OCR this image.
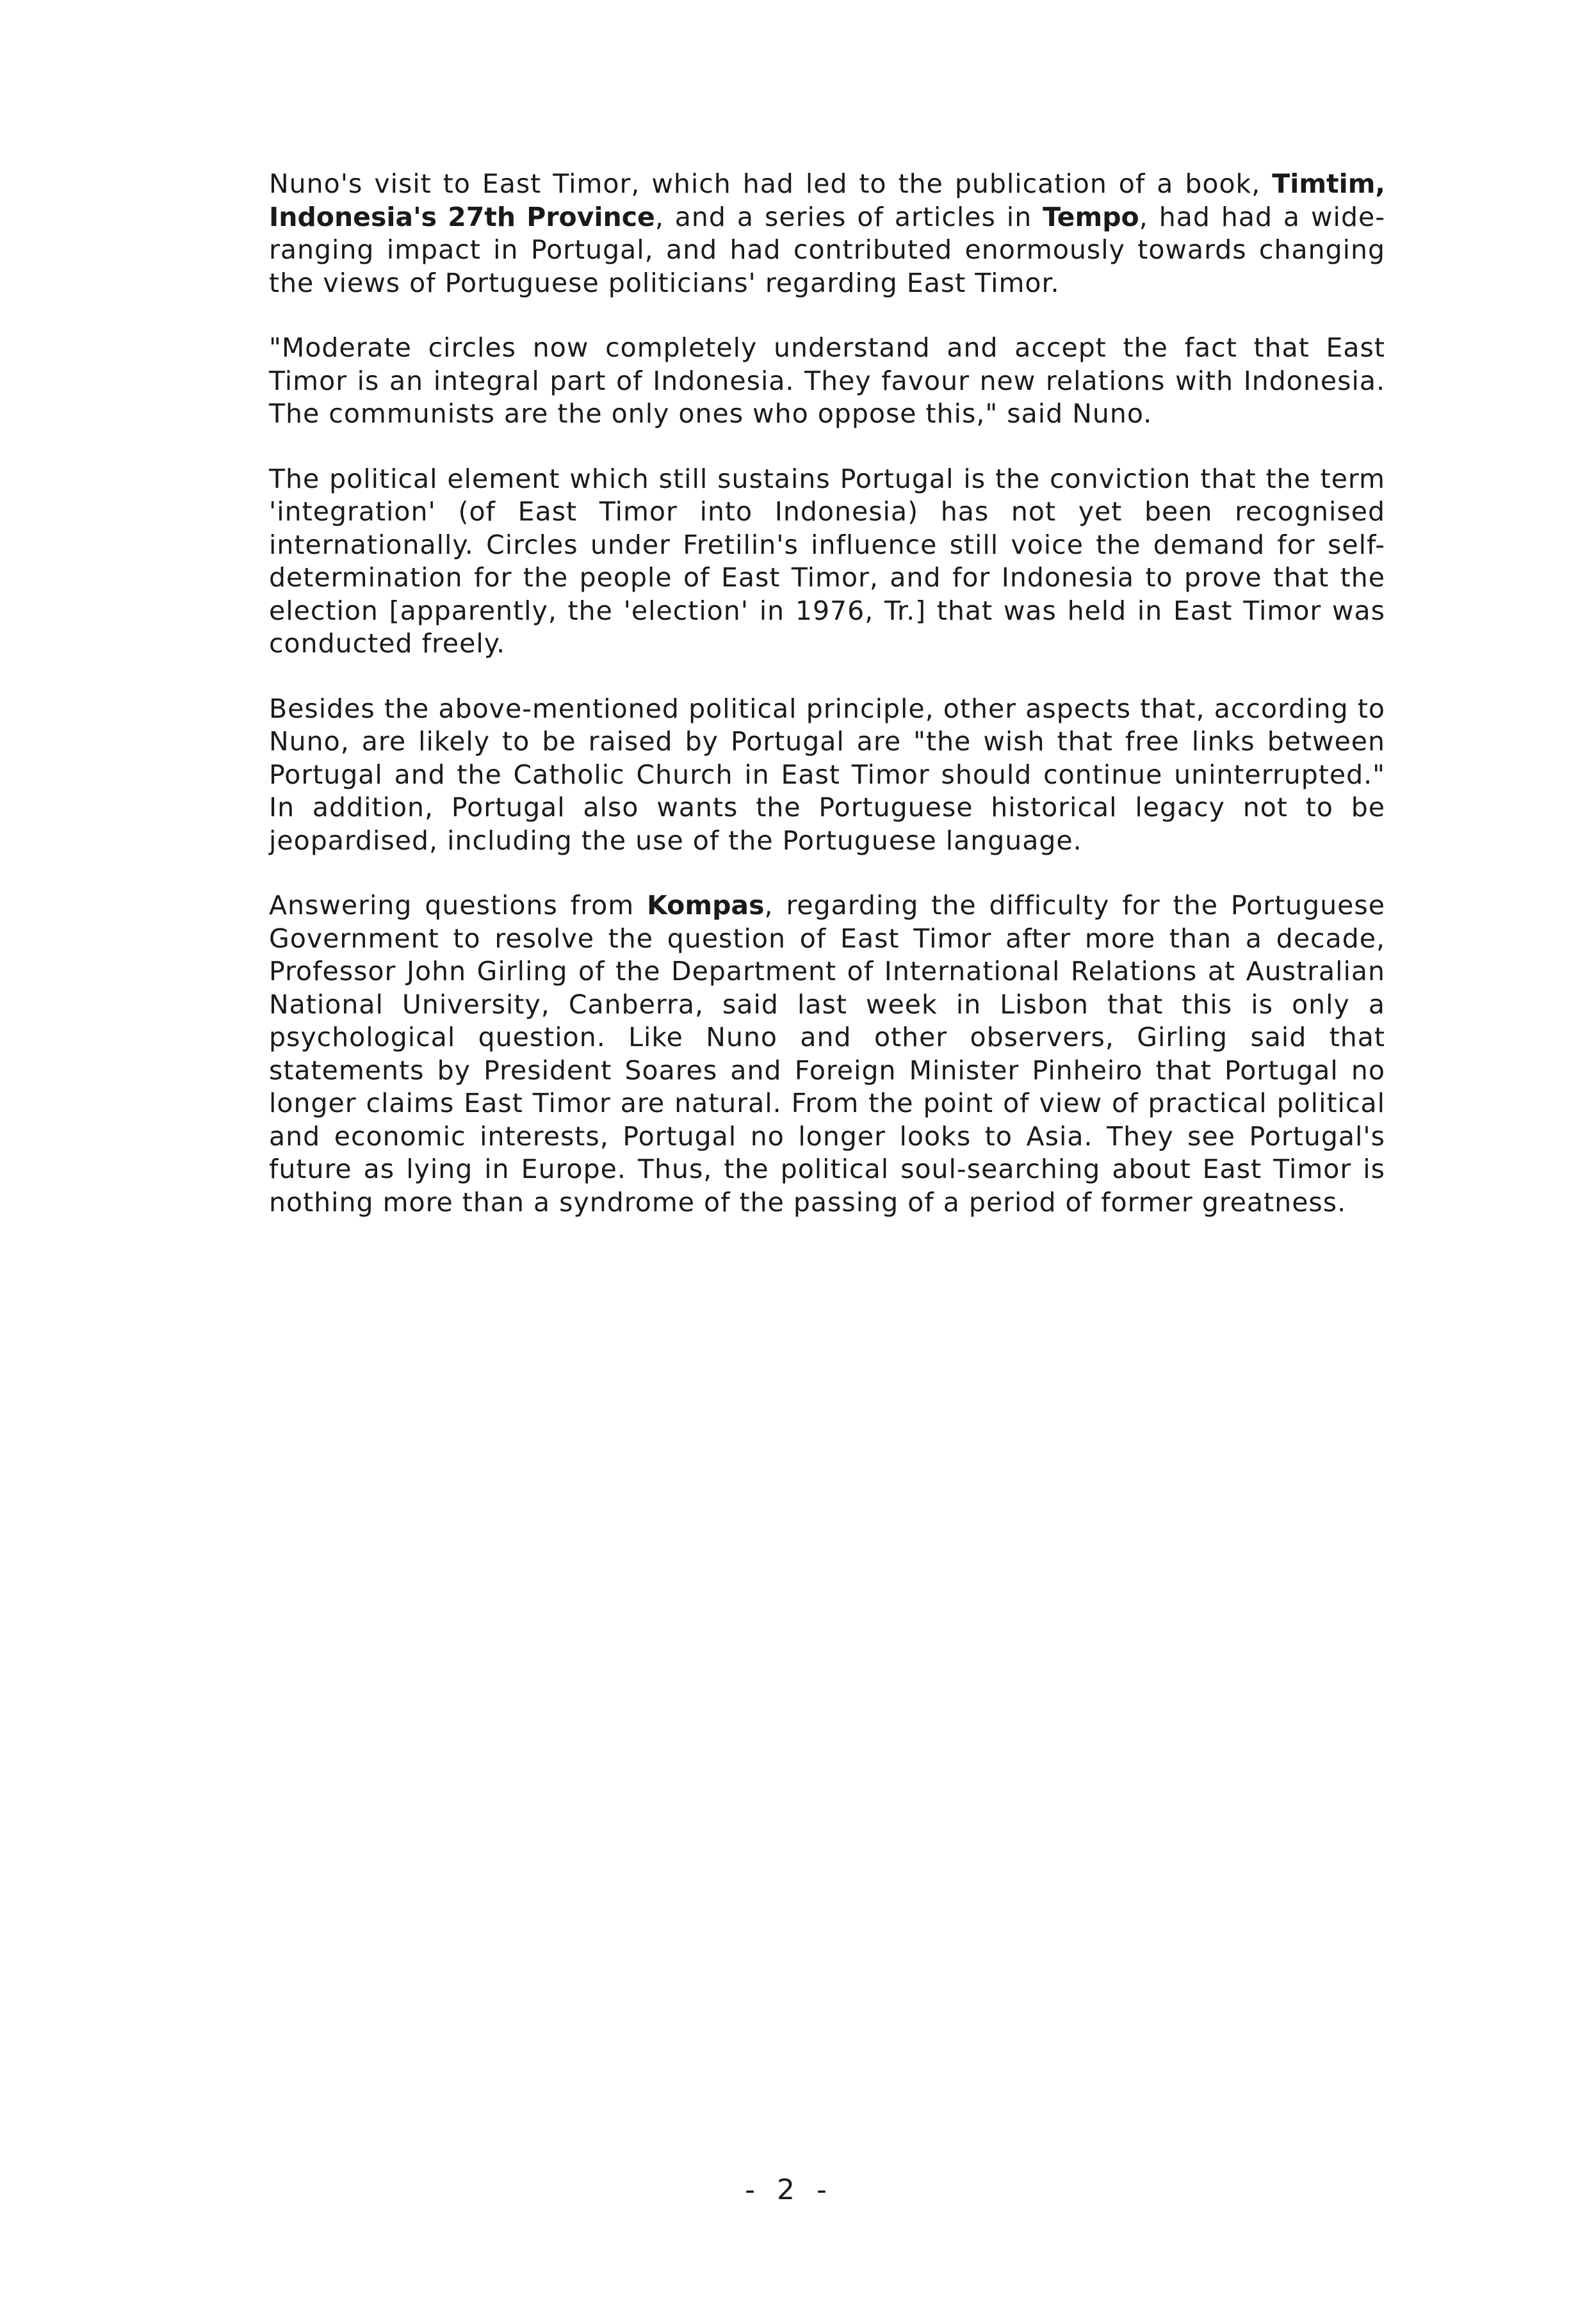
Nuno's visit to East Timor, which had led to the publication of a book, Timtim, Indonesia's 27th Province, and a series of articles in Tempo, had had a wide-ranging impact in Portugal, and had contributed enormously towards changing the views of Portuguese politicians' regarding East Timor.

"Moderate circles now completely understand and accept the fact that East Timor is an integral part of Indonesia. They favour new relations with Indonesia. The communists are the only ones who oppose this," said Nuno.

The political element which still sustains Portugal is the conviction that the term 'integration' (of East Timor into Indonesia) has not yet been recognised internationally. Circles under Fretilin's influence still voice the demand for self-determination for the people of East Timor, and for Indonesia to prove that the election [apparently, the 'election' in 1976, Tr.] that was held in East Timor was conducted freely.

Besides the above-mentioned political principle, other aspects that, according to Nuno, are likely to be raised by Portugal are "the wish that free links between Portugal and the Catholic Church in East Timor should continue uninterrupted." In addition, Portugal also wants the Portuguese historical legacy not to be jeopardised, including the use of the Portuguese language.

Answering questions from Kompas, regarding the difficulty for the Portuguese Government to resolve the question of East Timor after more than a decade, Professor John Girling of the Department of International Relations at Australian National University, Canberra, said last week in Lisbon that this is only a psychological question. Like Nuno and other observers, Girling said that statements by President Soares and Foreign Minister Pinheiro that Portugal no longer claims East Timor are natural. From the point of view of practical political and economic interests, Portugal no longer looks to Asia. They see Portugal's future as lying in Europe. Thus, the political soul-searching about East Timor is nothing more than a syndrome of the passing of a period of former greatness.

- 2 -
